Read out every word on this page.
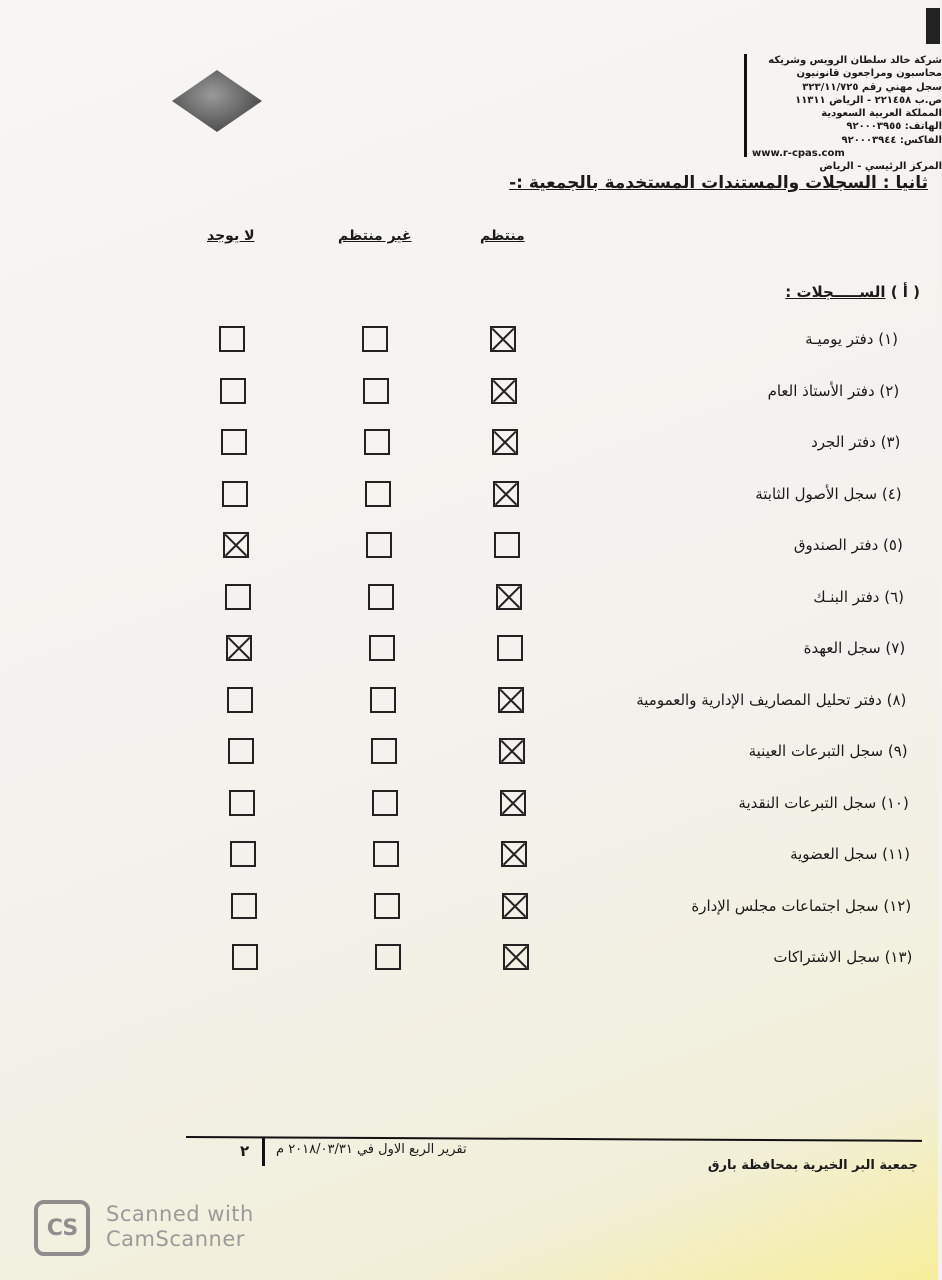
شركة خالد سلطان الرويس وشريكه
محاسبون ومراجعون قانونيون
سجل مهني رقم ٣٢٣/١١/٧٢٥
ص.ب ٢٢١٤٥٨ - الرياض ١١٣١١
المملكة العربية السعودية
الهاتف: ٩٢٠٠٠٣٩٥٥
الفاكس: ٩٢٠٠٠٣٩٤٤
www.r-cpas.com
المركز الرئيسي - الرياض
ثانيا : السجلات والمستندات المستخدمة بالجمعية :-
منتظم
غير منتظم
لا يوجد
( أ ) الســـــجلات :
(١) دفتر يوميـة
(٢) دفتر الأستاذ العام
(٣) دفتر الجرد
(٤) سجل الأصول الثابتة
(٥) دفتر الصندوق
(٦) دفتر البنـك
(٧) سجل العهدة
(٨) دفتر تحليل المصاريف الإدارية والعمومية
(٩) سجل التبرعات العينية
(١٠) سجل التبرعات النقدية
(١١) سجل العضوية
(١٢) سجل اجتماعات مجلس الإدارة
(١٣) سجل الاشتراكات
٢ تقرير الربع الاول في ٢٠١٨/٠٣/٣١ م
جمعية البر الخيرية بمحافظة بارق
CS
Scanned with
CamScanner
